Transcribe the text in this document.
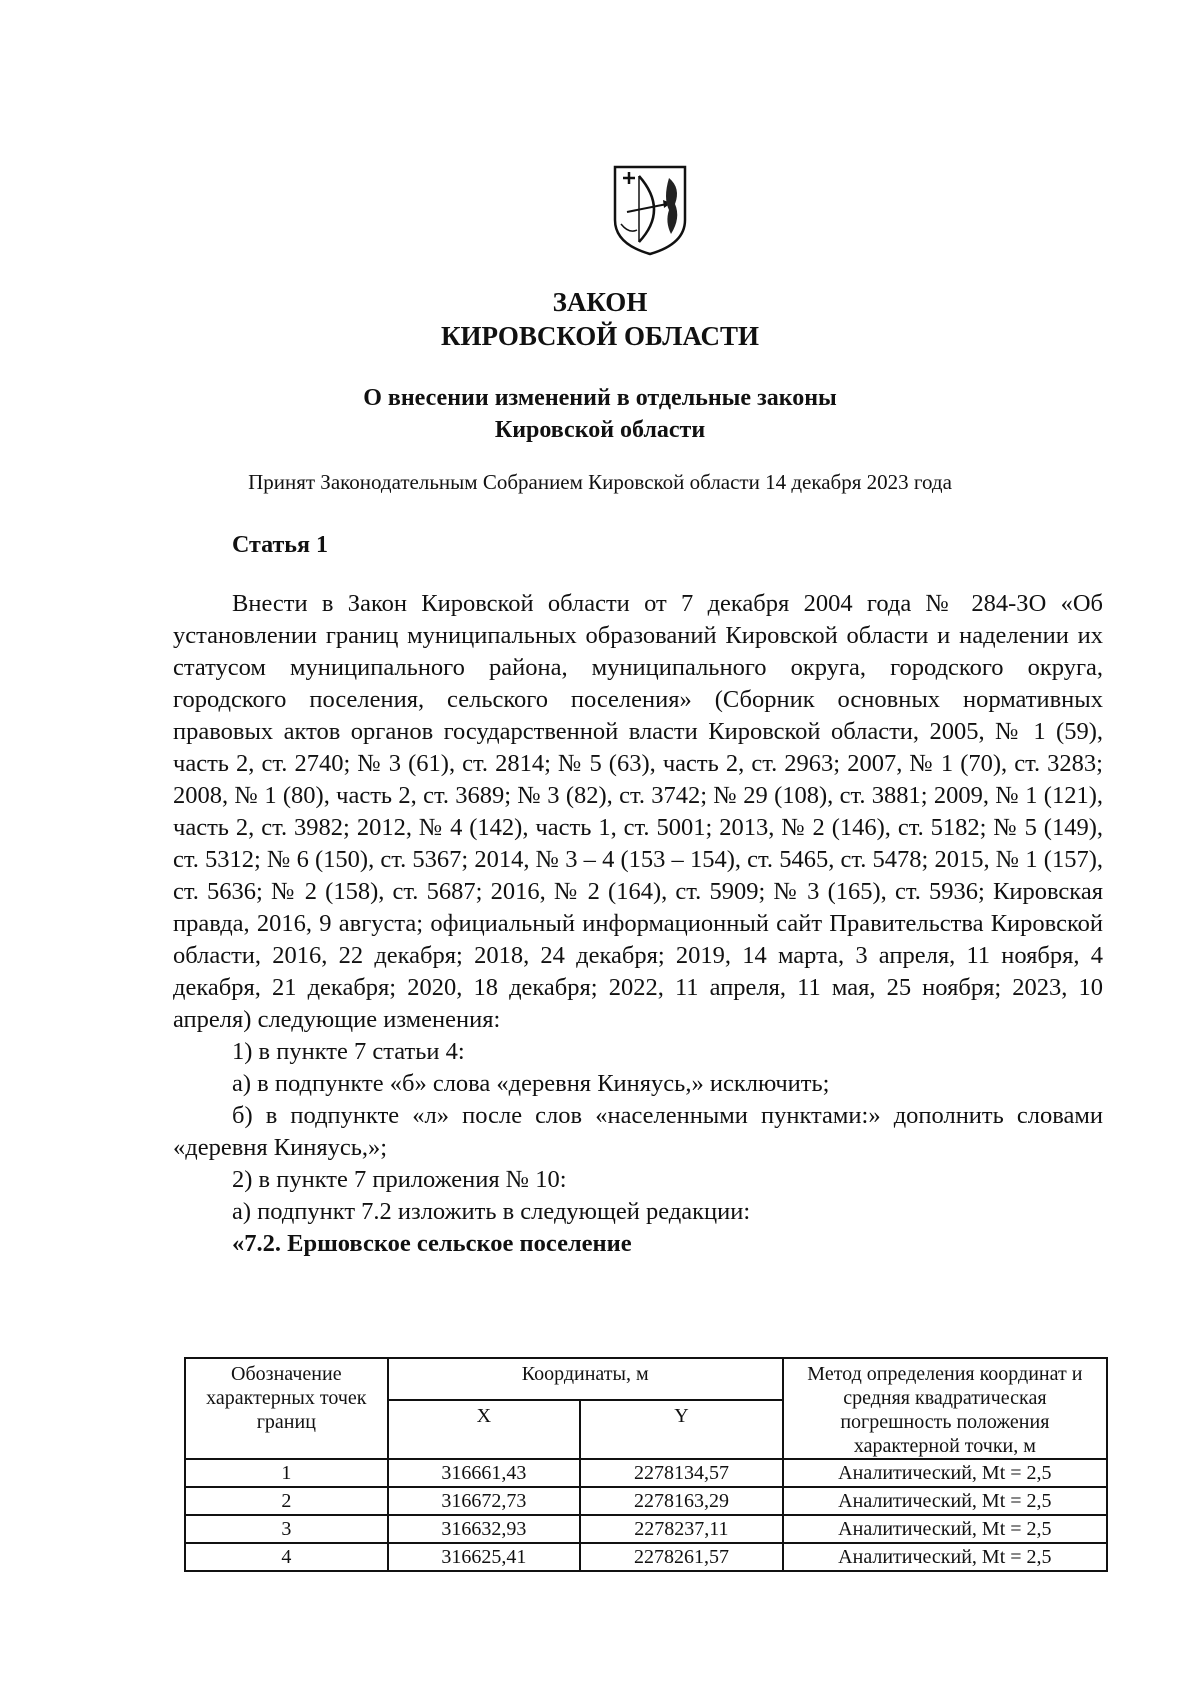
ЗАКОН
КИРОВСКОЙ ОБЛАСТИ
О внесении изменений в отдельные законы
Кировской области
Принят Законодательным Собранием Кировской области 14 декабря 2023 года
Статья 1

Внести в Закон Кировской области от 7 декабря 2004 года № 284-ЗО «Об установлении границ муниципальных образований Кировской области и наделении их статусом муниципального района, муниципального округа, городского округа, городского поселения, сельского поселения» (Сборник основных нормативных правовых актов органов государственной власти Кировской области, 2005, № 1 (59), часть 2, ст. 2740; № 3 (61), ст. 2814; № 5 (63), часть 2, ст. 2963; 2007, № 1 (70), ст. 3283; 2008, № 1 (80), часть 2, ст. 3689; № 3 (82), ст. 3742; № 29 (108), ст. 3881; 2009, № 1 (121), часть 2, ст. 3982; 2012, № 4 (142), часть 1, ст. 5001; 2013, № 2 (146), ст. 5182; № 5 (149), ст. 5312; № 6 (150), ст. 5367; 2014, № 3 – 4 (153 – 154), ст. 5465, ст. 5478; 2015, № 1 (157), ст. 5636; № 2 (158), ст. 5687; 2016, № 2 (164), ст. 5909; № 3 (165), ст. 5936; Кировская правда, 2016, 9 августа; официальный информационный сайт Правительства Кировской области, 2016, 22 декабря; 2018, 24 декабря; 2019, 14 марта, 3 апреля, 11 ноября, 4 декабря, 21 декабря; 2020, 18 декабря; 2022, 11 апреля, 11 мая, 25 ноября; 2023, 10 апреля) следующие изменения:

1) в пункте 7 статьи 4:

а) в подпункте «б» слова «деревня Киняусь,» исключить;

б) в подпункте «л» после слов «населенными пунктами:» дополнить словами «деревня Киняусь,»;

2) в пункте 7 приложения № 10:

а) подпункт 7.2 изложить в следующей редакции:

«7.2. Ершовское сельское поселение

Обозначение характерных точек границ	Координаты, м		Метод определения координат и средняя квадратическая погрешность положения характерной точки, м
	X	Y	
1	316661,43	2278134,57	Аналитический, Mt = 2,5
2	316672,73	2278163,29	Аналитический, Mt = 2,5
3	316632,93	2278237,11	Аналитический, Mt = 2,5
4	316625,41	2278261,57	Аналитический, Mt = 2,5
